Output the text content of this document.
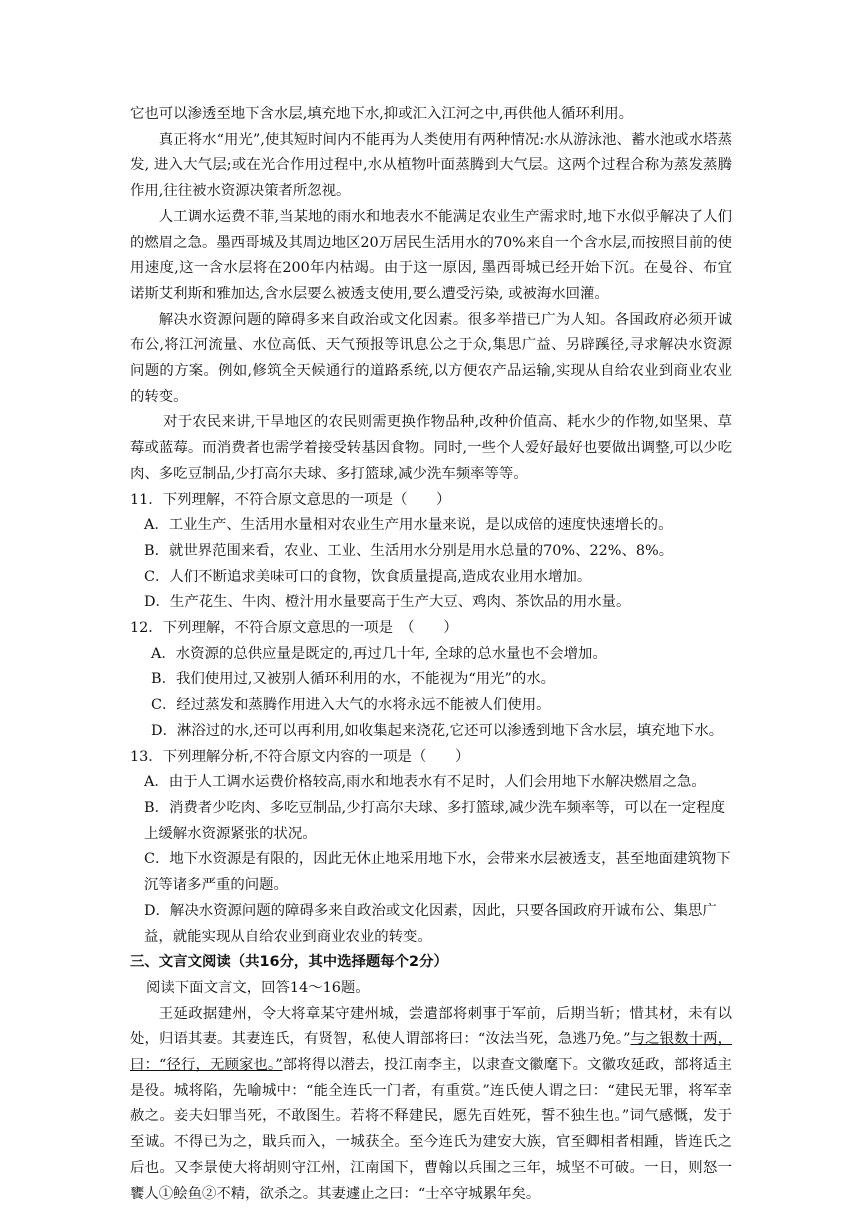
它也可以渗透至地下含水层,填充地下水,抑或汇入江河之中,再供他人循环利用。

真正将水“用光”,使其短时间内不能再为人类使用有两种情况:水从游泳池、蓄水池或水塔蒸发, 进入大气层;或在光合作用过程中,水从植物叶面蒸腾到大气层。这两个过程合称为蒸发蒸腾作用,往往被水资源决策者所忽视。

人工调水运费不菲,当某地的雨水和地表水不能满足农业生产需求时,地下水似乎解决了人们的燃眉之急。墨西哥城及其周边地区20万居民生活用水的70%来自一个含水层,而按照目前的使用速度,这一含水层将在200年内枯竭。由于这一原因, 墨西哥城已经开始下沉。在曼谷、布宜诺斯艾利斯和雅加达,含水层要么被透支使用,要么遭受污染, 或被海水回灌。

解决水资源问题的障碍多来自政治或文化因素。很多举措已广为人知。各国政府必须开诚布公,将江河流量、水位高低、天气预报等讯息公之于众,集思广益、另辟蹊径,寻求解决水资源问题的方案。例如,修筑全天候通行的道路系统,以方便农产品运输,实现从自给农业到商业农业的转变。

对于农民来讲,干旱地区的农民则需更换作物品种,改种价值高、耗水少的作物,如坚果、草莓或蓝莓。而消费者也需学着接受转基因食物。同时,一些个人爱好最好也要做出调整,可以少吃肉、多吃豆制品,少打高尔夫球、多打篮球,减少洗车频率等等。

11．下列理解，不符合原文意思的一项是（　　）

A．工业生产、生活用水量相对农业生产用水量来说，是以成倍的速度快速增长的。

B．就世界范围来看，农业、工业、生活用水分别是用水总量的70%、22%、8%。

C．人们不断追求美味可口的食物，饮食质量提高,造成农业用水增加。

D．生产花生、牛肉、橙汁用水量要高于生产大豆、鸡肉、茶饮品的用水量。

12．下列理解，不符合原文意思的一项是　（　　）

A．水资源的总供应量是既定的,再过几十年, 全球的总水量也不会增加。

B．我们使用过,又被别人循环利用的水，不能视为“用光”的水。

C．经过蒸发和蒸腾作用进入大气的水将永远不能被人们使用。

D．淋浴过的水,还可以再利用,如收集起来浇花,它还可以渗透到地下含水层，填充地下水。

13．下列理解分析,不符合原文内容的一项是（　　）

A．由于人工调水运费价格较高,雨水和地表水有不足时，人们会用地下水解决燃眉之急。

B．消费者少吃肉、多吃豆制品,少打高尔夫球、多打篮球,减少洗车频率等，可以在一定程度上缓解水资源紧张的状况。

C．地下水资源是有限的，因此无休止地采用地下水，会带来水层被透支，甚至地面建筑物下沉等诸多严重的问题。

D．解决水资源问题的障碍多来自政治或文化因素，因此，只要各国政府开诚布公、集思广益，就能实现从自给农业到商业农业的转变。

三、文言文阅读（共16分，其中选择题每个2分）

阅读下面文言文，回答14～16题。

王延政据建州，令大将章某守建州城，尝遣部将刺事于军前，后期当斩；惜其材，未有以处，归语其妻。其妻连氏，有贤智，私使人谓部将曰：“汝法当死，急逃乃免。”与之银数十两，曰：“径行，无顾家也。”部将得以潜去，投江南李主，以隶查文徽麾下。文徽攻延政，部将适主是役。城将陷，先喻城中：“能全连氏一门者，有重赏。”连氏使人谓之曰：“建民无罪，将军幸赦之。妾夫妇罪当死，不敢图生。若将不释建民，愿先百姓死，誓不独生也。”词气感慨，发于至诚。不得已为之，戢兵而入，一城获全。至今连氏为建安大族，官至卿相者相踵，皆连氏之后也。又李景使大将胡则守江州，江南国下，曹翰以兵围之三年，城坚不可破。一日，则怒一饔人①鲙鱼②不精，欲杀之。其妻遽止之曰：“士卒守城累年矣。
